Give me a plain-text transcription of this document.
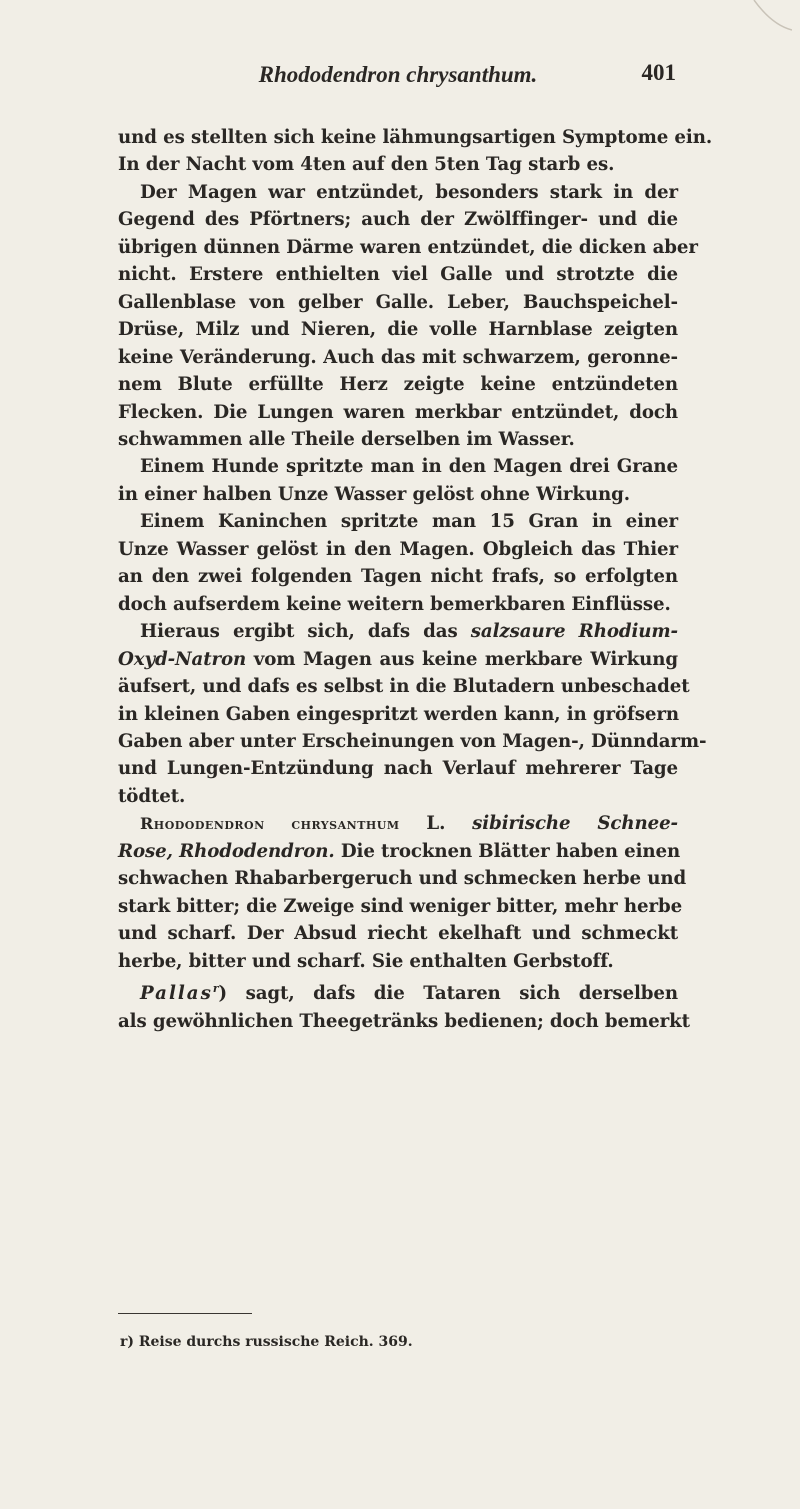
Rhododendron chrysanthum.	401
und es stellten sich keine lähmungsartigen Symptome ein.
In der Nacht vom 4ten auf den 5ten Tag starb es.
Der Magen war entzündet, besonders stark in der
Gegend des Pförtners; auch der Zwölffinger- und die
übrigen dünnen Därme waren entzündet, die dicken aber
nicht. Erstere enthielten viel Galle und strotzte die
Gallenblase von gelber Galle. Leber, Bauchspeichel-
Drüse, Milz und Nieren, die volle Harnblase zeigten
keine Veränderung. Auch das mit schwarzem, geronne-
nem Blute erfüllte Herz zeigte keine entzündeten
Flecken. Die Lungen waren merkbar entzündet, doch
schwammen alle Theile derselben im Wasser.
Einem Hunde spritzte man in den Magen drei Grane
in einer halben Unze Wasser gelöst ohne Wirkung.
Einem Kaninchen spritzte man 15 Gran in einer
Unze Wasser gelöst in den Magen. Obgleich das Thier
an den zwei folgenden Tagen nicht frafs, so erfolgten
doch aufserdem keine weitern bemerkbaren Einflüsse.
Hieraus ergibt sich, dafs das salzsaure Rhodium-
Oxyd-Natron vom Magen aus keine merkbare Wirkung
äufsert, und dafs es selbst in die Blutadern unbeschadet
in kleinen Gaben eingespritzt werden kann, in gröfsern
Gaben aber unter Erscheinungen von Magen-, Dünndarm-
und Lungen-Entzündung nach Verlauf mehrerer Tage
tödtet.
Rhododendron chrysanthum L. sibirische Schnee-
Rose, Rhododendron. Die trocknen Blätter haben einen
schwachen Rhabarbergeruch und schmecken herbe und
stark bitter; die Zweige sind weniger bitter, mehr herbe
und scharf. Der Absud riecht ekelhaft und schmeckt
herbe, bitter und scharf. Sie enthalten Gerbstoff.
Pallas$^r$) sagt, dafs die Tataren sich derselben
als gewöhnlichen Theegetränks bedienen; doch bemerkt
r) Reise durchs russische Reich. 369.
